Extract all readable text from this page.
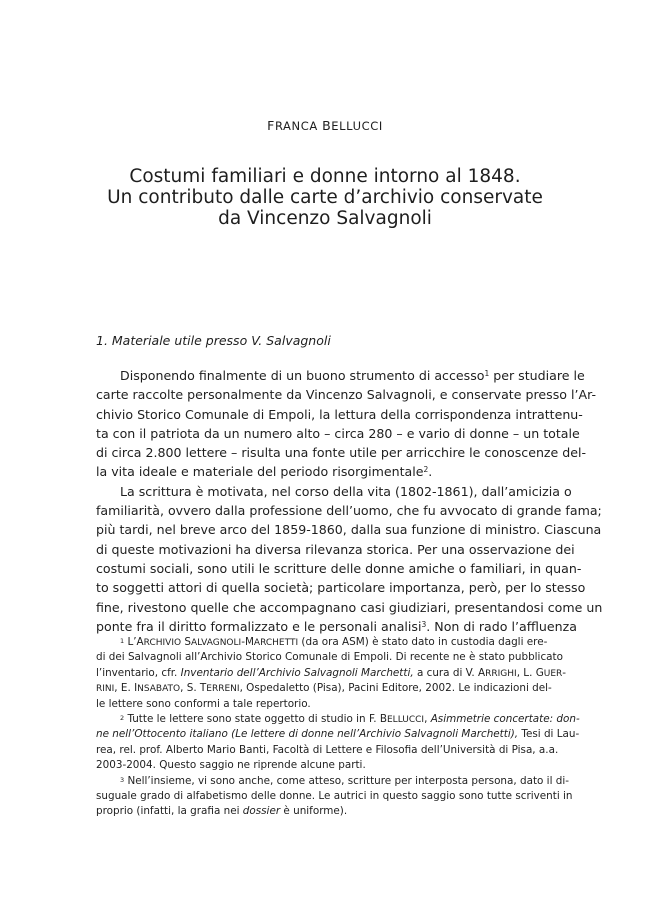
FRANCA BELLUCCI
Costumi familiari e donne intorno al 1848.
Un contributo dalle carte d’archivio conservate
da Vincenzo Salvagnoli
1. Materiale utile presso V. Salvagnoli
Disponendo finalmente di un buono strumento di accesso$^1$ per studiare le
carte raccolte personalmente da Vincenzo Salvagnoli, e conservate presso l’Ar-
chivio Storico Comunale di Empoli, la lettura della corrispondenza intrattenu-
ta con il patriota da un numero alto – circa 280 – e vario di donne – un totale
di circa 2.800 lettere – risulta una fonte utile per arricchire le conoscenze del-
la vita ideale e materiale del periodo risorgimentale$^2$.
La scrittura è motivata, nel corso della vita (1802-1861), dall’amicizia o
familiarità, ovvero dalla professione dell’uomo, che fu avvocato di grande fama;
più tardi, nel breve arco del 1859-1860, dalla sua funzione di ministro. Ciascuna
di queste motivazioni ha diversa rilevanza storica. Per una osservazione dei
costumi sociali, sono utili le scritture delle donne amiche o familiari, in quan-
to soggetti attori di quella società; particolare importanza, però, per lo stesso
fine, rivestono quelle che accompagnano casi giudiziari, presentandosi come un
ponte fra il diritto formalizzato e le personali analisi$^3$. Non di rado l’affluenza
$^1$ L’ARCHIVIO SALVAGNOLI-MARCHETTI (da ora ASM) è stato dato in custodia dagli ere-
di dei Salvagnoli all’Archivio Storico Comunale di Empoli. Di recente ne è stato pubblicato
l’inventario, cfr. Inventario dell’Archivio Salvagnoli Marchetti, a cura di V. ARRIGHI, L. GUER-
RINI, E. INSABATO, S. TERRENI, Ospedaletto (Pisa), Pacini Editore, 2002. Le indicazioni del-
le lettere sono conformi a tale repertorio.
$^2$ Tutte le lettere sono state oggetto di studio in F. BELLUCCI, Asimmetrie concertate: don-
ne nell’Ottocento italiano (Le lettere di donne nell’Archivio Salvagnoli Marchetti), Tesi di Lau-
rea, rel. prof. Alberto Mario Banti, Facoltà di Lettere e Filosofia dell’Università di Pisa, a.a.
2003-2004. Questo saggio ne riprende alcune parti.
$^3$ Nell’insieme, vi sono anche, come atteso, scritture per interposta persona, dato il di-
suguale grado di alfabetismo delle donne. Le autrici in questo saggio sono tutte scriventi in
proprio (infatti, la grafia nei dossier è uniforme).
